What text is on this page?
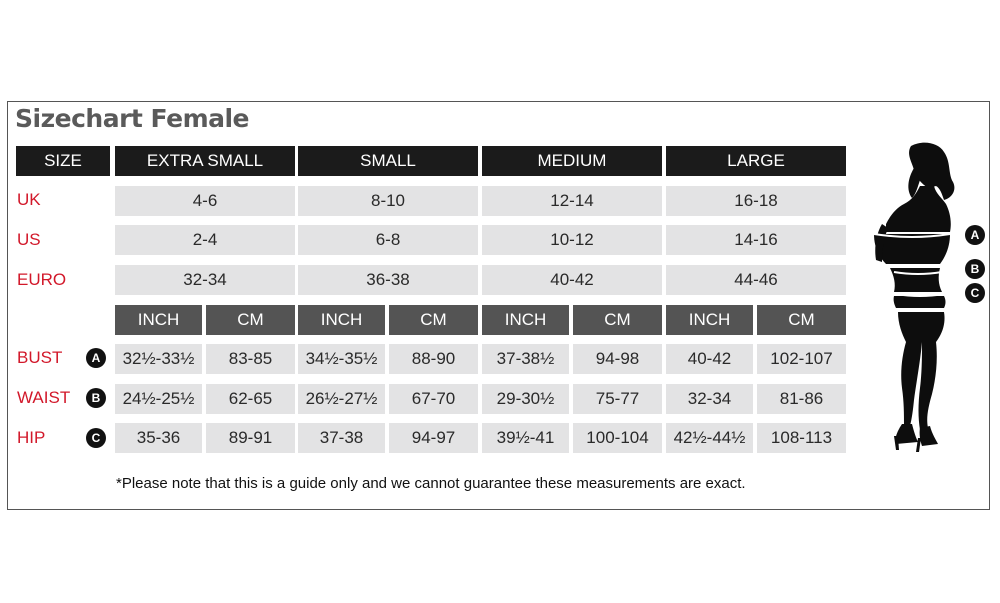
Sizechart Female
SIZE	EXTRA SMALL	SMALL	MEDIUM	LARGE
UK	4-6	8-10	12-14	16-18
US	2-4	6-8	10-12	14-16
EURO	32-34	36-38	40-42	44-46
INCH	CM	INCH	CM	INCH	CM	INCH	CM
BUST	A	32½-33½	83-85	34½-35½	88-90	37-38½	94-98	40-42	102-107
WAIST	B	24½-25½	62-65	26½-27½	67-70	29-30½	75-77	32-34	81-86
HIP	C	35-36	89-91	37-38	94-97	39½-41	100-104	42½-44½	108-113
A
B
C
*Please note that this is a guide only and we cannot guarantee these measurements are exact.
